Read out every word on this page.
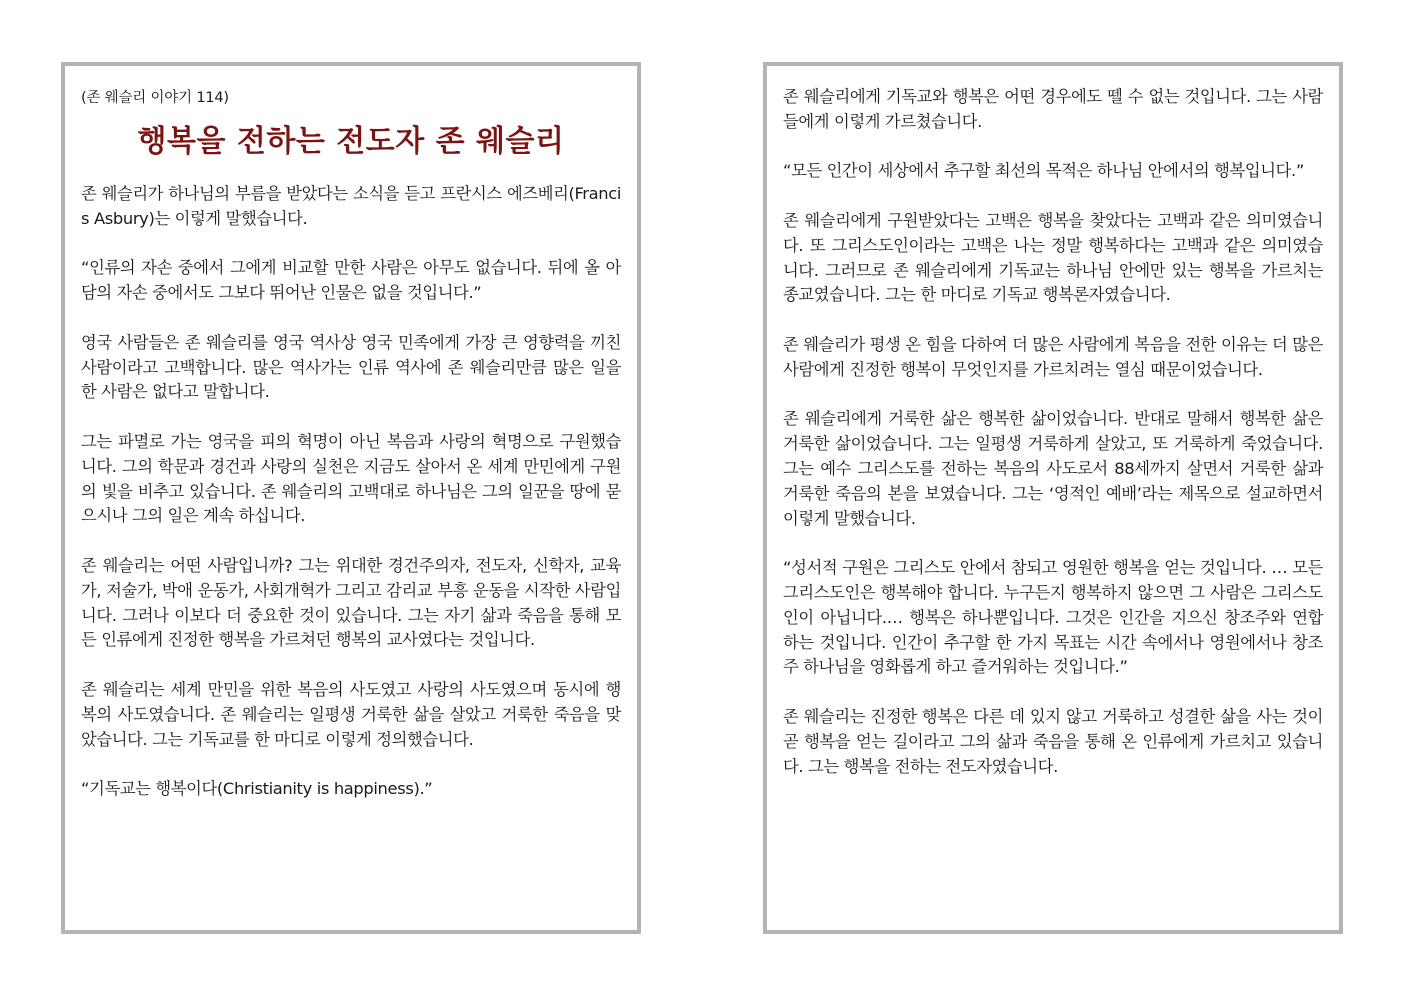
(존 웨슬리 이야기 114)
행복을 전하는 전도자 존 웨슬리

존 웨슬리가 하나님의 부름을 받았다는 소식을 듣고 프란시스 에즈베리(Francis Asbury)는 이렇게 말했습니다.

“인류의 자손 중에서 그에게 비교할 만한 사람은 아무도 없습니다. 뒤에 올 아담의 자손 중에서도 그보다 뛰어난 인물은 없을 것입니다.”

영국 사람들은 존 웨슬리를 영국 역사상 영국 민족에게 가장 큰 영향력을 끼친 사람이라고 고백합니다. 많은 역사가는 인류 역사에 존 웨슬리만큼 많은 일을 한 사람은 없다고 말합니다.

그는 파멸로 가는 영국을 피의 혁명이 아닌 복음과 사랑의 혁명으로 구원했습니다. 그의 학문과 경건과 사랑의 실천은 지금도 살아서 온 세계 만민에게 구원의 빛을 비추고 있습니다. 존 웨슬리의 고백대로 하나님은 그의 일꾼을 땅에 묻으시나 그의 일은 계속 하십니다.

존 웨슬리는 어떤 사람입니까? 그는 위대한 경건주의자, 전도자, 신학자, 교육가, 저술가, 박애 운동가, 사회개혁가 그리고 감리교 부흥 운동을 시작한 사람입니다. 그러나 이보다 더 중요한 것이 있습니다. 그는 자기 삶과 죽음을 통해 모든 인류에게 진정한 행복을 가르쳐던 행복의 교사였다는 것입니다.

존 웨슬리는 세계 만민을 위한 복음의 사도였고 사랑의 사도였으며 동시에 행복의 사도였습니다. 존 웨슬리는 일평생 거룩한 삶을 살았고 거룩한 죽음을 맞았습니다. 그는 기독교를 한 마디로 이렇게 정의했습니다.

“기독교는 행복이다(Christianity is happiness).”

존 웨슬리에게 기독교와 행복은 어떤 경우에도 뗄 수 없는 것입니다. 그는 사람들에게 이렇게 가르쳤습니다.

“모든 인간이 세상에서 추구할 최선의 목적은 하나님 안에서의 행복입니다.”

존 웨슬리에게 구원받았다는 고백은 행복을 찾았다는 고백과 같은 의미였습니다. 또 그리스도인이라는 고백은 나는 정말 행복하다는 고백과 같은 의미였습니다. 그러므로 존 웨슬리에게 기독교는 하나님 안에만 있는 행복을 가르치는 종교였습니다. 그는 한 마디로 기독교 행복론자였습니다.

존 웨슬리가 평생 온 힘을 다하여 더 많은 사람에게 복음을 전한 이유는 더 많은 사람에게 진정한 행복이 무엇인지를 가르치려는 열심 때문이었습니다.

존 웨슬리에게 거룩한 삶은 행복한 삶이었습니다. 반대로 말해서 행복한 삶은 거룩한 삶이었습니다. 그는 일평생 거룩하게 살았고, 또 거룩하게 죽었습니다. 그는 예수 그리스도를 전하는 복음의 사도로서 88세까지 살면서 거룩한 삶과 거룩한 죽음의 본을 보였습니다. 그는 ‘영적인 예배’라는 제목으로 설교하면서 이렇게 말했습니다.

“성서적 구원은 그리스도 안에서 참되고 영원한 행복을 얻는 것입니다. … 모든 그리스도인은 행복해야 합니다. 누구든지 행복하지 않으면 그 사람은 그리스도인이 아닙니다.… 행복은 하나뿐입니다. 그것은 인간을 지으신 창조주와 연합하는 것입니다. 인간이 추구할 한 가지 목표는 시간 속에서나 영원에서나 창조주 하나님을 영화롭게 하고 즐거워하는 것입니다.”

존 웨슬리는 진정한 행복은 다른 데 있지 않고 거룩하고 성결한 삶을 사는 것이 곧 행복을 얻는 길이라고 그의 삶과 죽음을 통해 온 인류에게 가르치고 있습니다. 그는 행복을 전하는 전도자였습니다.
